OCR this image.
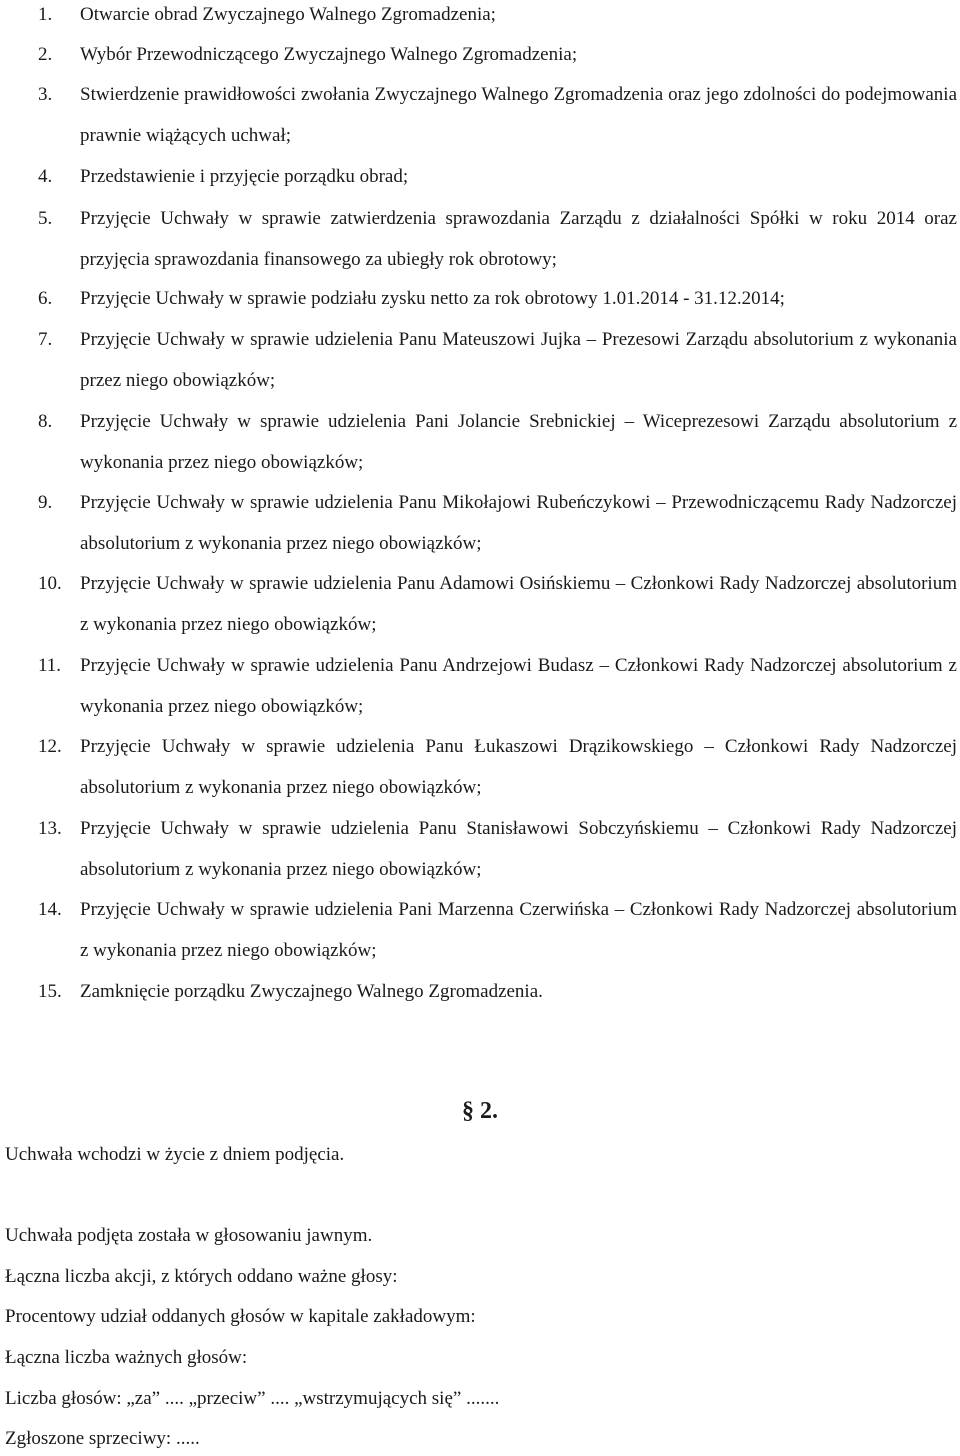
1.	Otwarcie obrad Zwyczajnego Walnego Zgromadzenia;
2.	Wybór Przewodniczącego Zwyczajnego Walnego Zgromadzenia;
3.	Stwierdzenie prawidłowości zwołania Zwyczajnego Walnego Zgromadzenia oraz jego zdolności do podejmowania prawnie wiążących uchwał;
4.	Przedstawienie i przyjęcie porządku obrad;
5.	Przyjęcie Uchwały w sprawie zatwierdzenia sprawozdania Zarządu z działalności Spółki w roku 2014 oraz przyjęcia sprawozdania finansowego za ubiegły rok obrotowy;
6.	Przyjęcie Uchwały w sprawie podziału zysku netto za rok obrotowy 1.01.2014 - 31.12.2014;
7.	Przyjęcie Uchwały w sprawie udzielenia Panu Mateuszowi Jujka – Prezesowi Zarządu absolutorium z wykonania przez niego obowiązków;
8.	Przyjęcie Uchwały w sprawie udzielenia Pani Jolancie Srebnickiej – Wiceprezesowi Zarządu absolutorium z wykonania przez niego obowiązków;
9.	Przyjęcie Uchwały w sprawie udzielenia Panu Mikołajowi Rubeńczykowi – Przewodniczącemu Rady Nadzorczej absolutorium z wykonania przez niego obowiązków;
10. Przyjęcie Uchwały w sprawie udzielenia Panu Adamowi Osińskiemu – Członkowi Rady Nadzorczej absolutorium z wykonania przez niego obowiązków;
11. Przyjęcie Uchwały w sprawie udzielenia Panu Andrzejowi Budasz – Członkowi Rady Nadzorczej absolutorium z wykonania przez niego obowiązków;
12. Przyjęcie Uchwały w sprawie udzielenia Panu Łukaszowi Drązikowskiego – Członkowi Rady Nadzorczej absolutorium z wykonania przez niego obowiązków;
13. Przyjęcie Uchwały w sprawie udzielenia Panu Stanisławowi Sobczyńskiemu – Członkowi Rady Nadzorczej absolutorium z wykonania przez niego obowiązków;
14. Przyjęcie Uchwały w sprawie udzielenia Pani Marzenna Czerwińska – Członkowi Rady Nadzorczej absolutorium z wykonania przez niego obowiązków;
15. Zamknięcie porządku Zwyczajnego Walnego Zgromadzenia.
§ 2.
Uchwała wchodzi w życie z dniem podjęcia.
Uchwała podjęta została w głosowaniu jawnym.
Łączna liczba akcji, z których oddano ważne głosy:
Procentowy udział oddanych głosów w kapitale zakładowym:
Łączna liczba ważnych głosów:
Liczba głosów: „za” .... „przeciw” .... „wstrzymujących się” .......
Zgłoszone sprzeciwy: .....
